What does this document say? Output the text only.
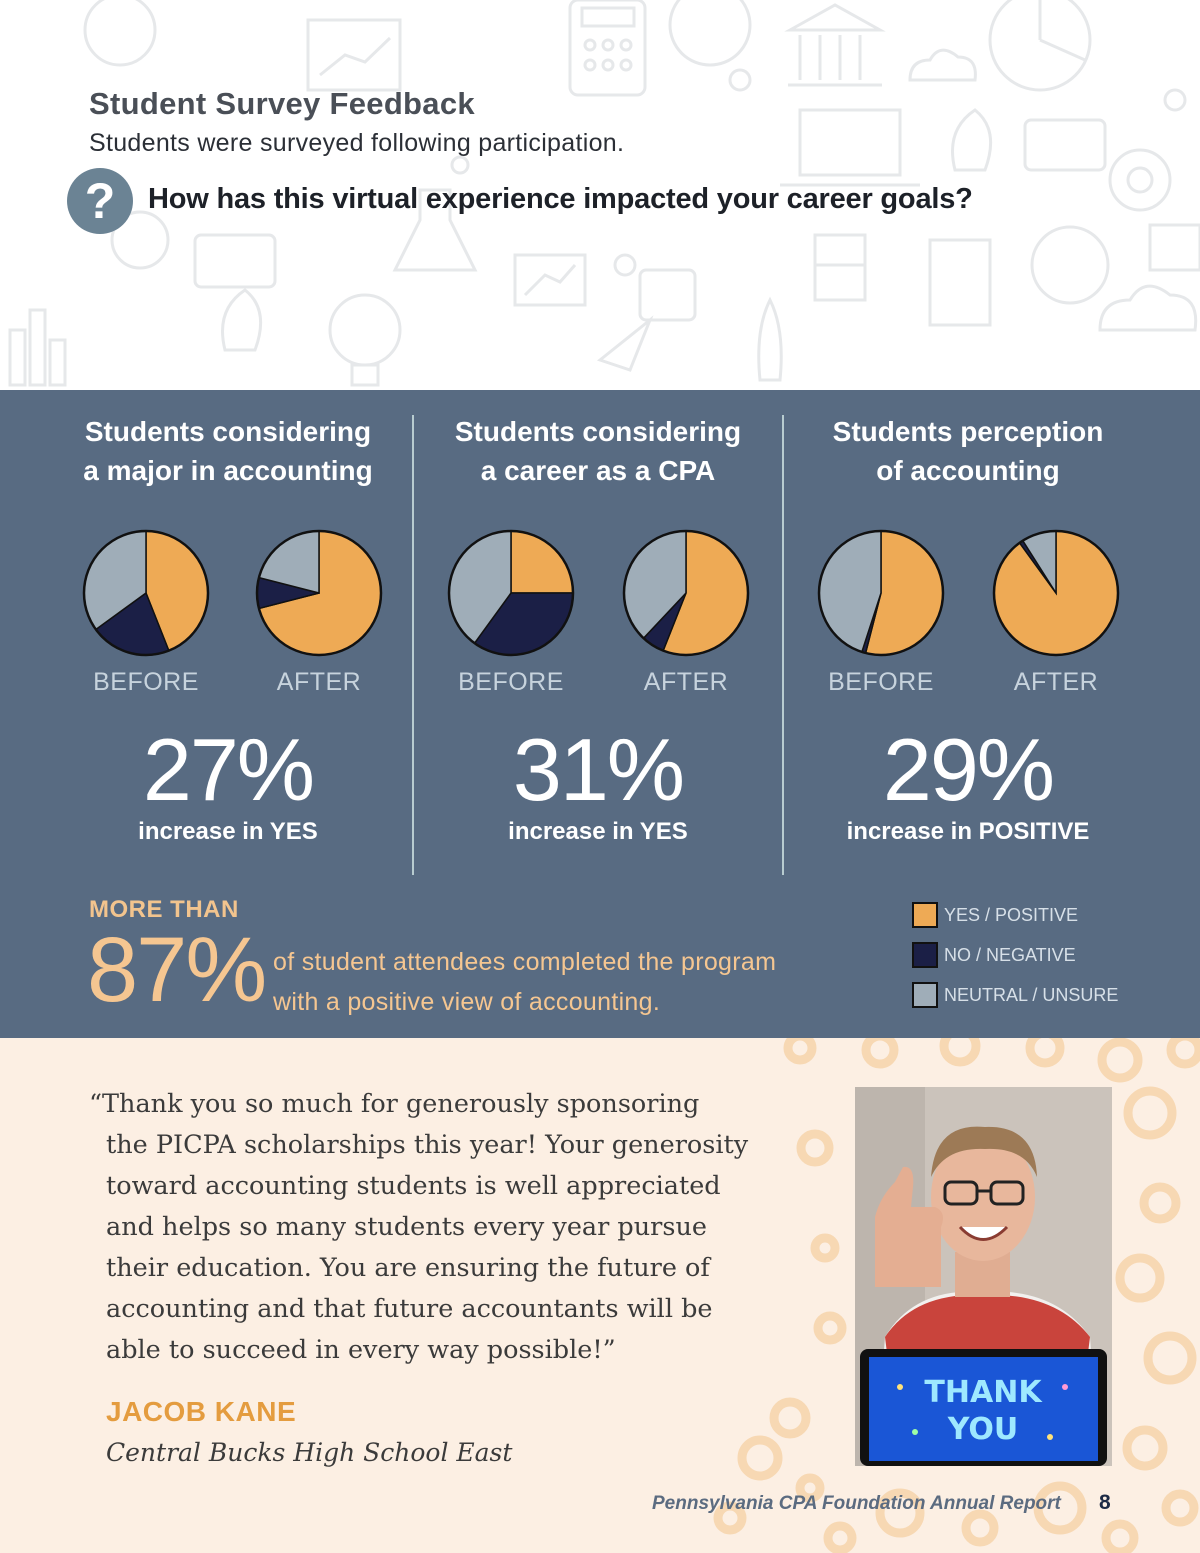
Student Survey Feedback
Students were surveyed following participation.
?	How has this virtual experience impacted your career goals?
Students considering
a major in accounting
BEFORE	AFTER
27%
increase in YES
Students considering
a career as a CPA
BEFORE	AFTER
31%
increase in YES
Students perception
of accounting
BEFORE	AFTER
29%
increase in POSITIVE
MORE THAN
87% of student attendees completed the program
with a positive view of accounting.
YES / POSITIVE
NO / NEGATIVE
NEUTRAL / UNSURE
“Thank you so much for generously sponsoring
the PICPA scholarships this year! Your generosity
toward accounting students is well appreciated
and helps so many students every year pursue
their education. You are ensuring the future of
accounting and that future accountants will be
able to succeed in every way possible!”
JACOB KANE
Central Bucks High School East
THANK
YOU
Pennsylvania CPA Foundation Annual Report 8
